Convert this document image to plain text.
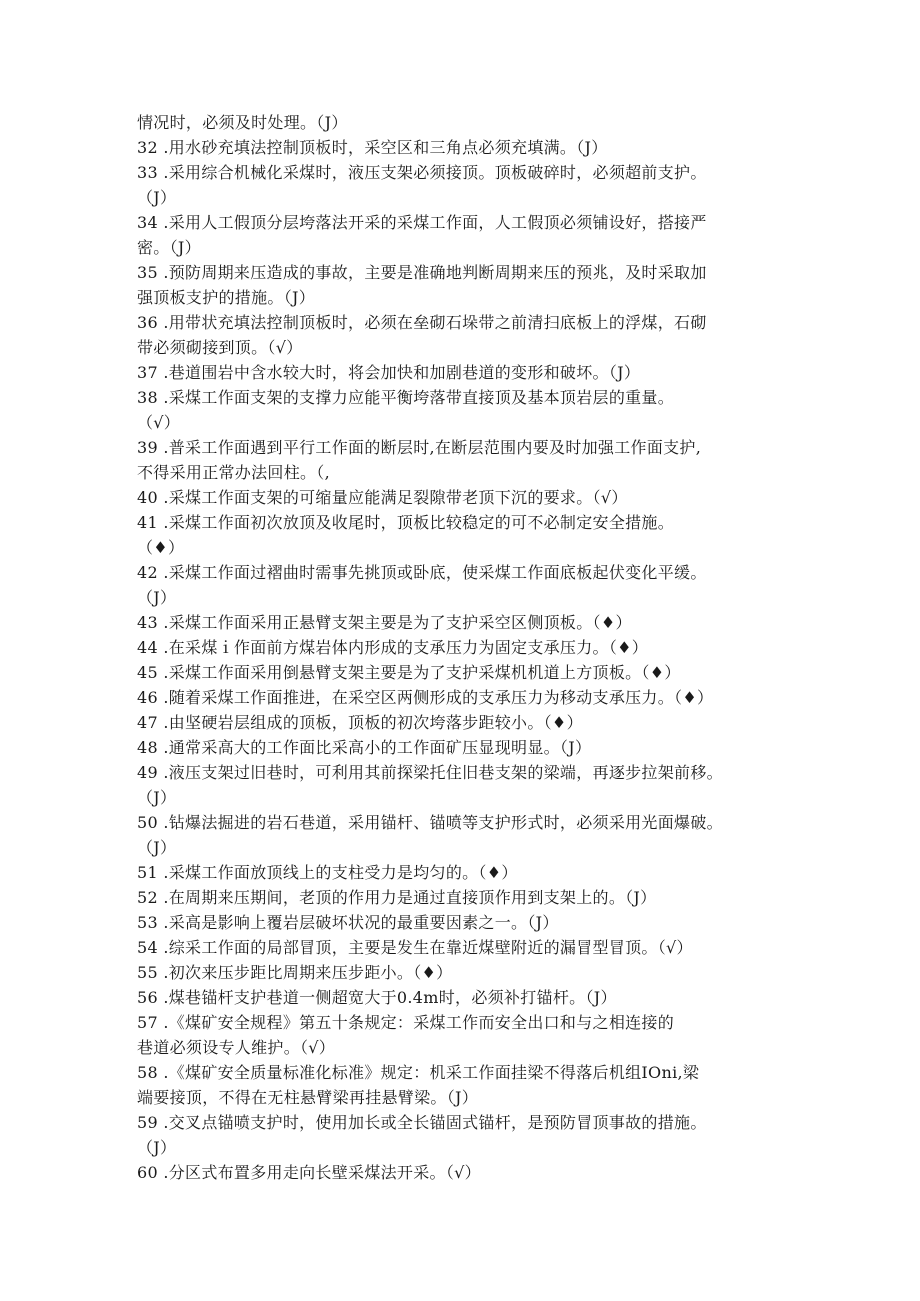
情况时，必须及时处理。（J）
32 .用水砂充填法控制顶板时，采空区和三角点必须充填满。（J）
33 .采用综合机械化采煤时，液压支架必须接顶。顶板破碎时，必须超前支护。
（J）
34 .采用人工假顶分层垮落法开采的采煤工作面，人工假顶必须铺设好，搭接严
密。（J）
35 .预防周期来压造成的事故，主要是准确地判断周期来压的预兆，及时采取加
强顶板支护的措施。（J）
36 .用带状充填法控制顶板时，必须在垒砌石垛带之前清扫底板上的浮煤，石砌
带必须砌接到顶。（√）
37 .巷道围岩中含水较大时，将会加快和加剧巷道的变形和破坏。（J）
38 .采煤工作面支架的支撑力应能平衡垮落带直接顶及基本顶岩层的重量。
（√）
39 .普采工作面遇到平行工作面的断层时,在断层范围内要及时加强工作面支护,
不得采用正常办法回柱。（,
40 .采煤工作面支架的可缩量应能满足裂隙带老顶下沉的要求。（√）
41 .采煤工作面初次放顶及收尾时，顶板比较稳定的可不必制定安全措施。
（♦）
42 .采煤工作面过褶曲时需事先挑顶或卧底，使采煤工作面底板起伏变化平缓。
（J）
43 .采煤工作面采用正悬臂支架主要是为了支护采空区侧顶板。（♦）
44 .在采煤ｉ作面前方煤岩体内形成的支承压力为固定支承压力。（♦）
45 .采煤工作面采用倒悬臂支架主要是为了支护采煤机机道上方顶板。（♦）
46 .随着采煤工作面推进，在采空区两侧形成的支承压力为移动支承压力。（♦）
47 .由坚硬岩层组成的顶板，顶板的初次垮落步距较小。（♦）
48 .通常采高大的工作面比采高小的工作面矿压显现明显。（J）
49 .液压支架过旧巷时，可利用其前探梁托住旧巷支架的梁端，再逐步拉架前移。
（J）
50 .钻爆法掘进的岩石巷道，采用锚杆、锚喷等支护形式时，必须采用光面爆破。
（J）
51 .采煤工作面放顶线上的支柱受力是均匀的。（♦）
52 .在周期来压期间，老顶的作用力是通过直接顶作用到支架上的。（J）
53 .采高是影响上覆岩层破坏状况的最重要因素之一。（J）
54 .综采工作面的局部冒顶，主要是发生在靠近煤壁附近的漏冒型冒顶。（√）
55 .初次来压步距比周期来压步距小。（♦）
56 .煤巷锚杆支护巷道一侧超宽大于0.4m时，必须补打锚杆。（J）
57 .《煤矿安全规程》第五十条规定：采煤工作而安全出口和与之相连接的
巷道必须设专人维护。（√）
58 .《煤矿安全质量标准化标准》规定：机采工作面挂梁不得落后机组IOni,梁
端要接顶，不得在无柱悬臂梁再挂悬臂梁。（J）
59 .交叉点锚喷支护时，使用加长或全长锚固式锚杆，是预防冒顶事故的措施。
（J）
60 .分区式布置多用走向长壁采煤法开采。（√）
